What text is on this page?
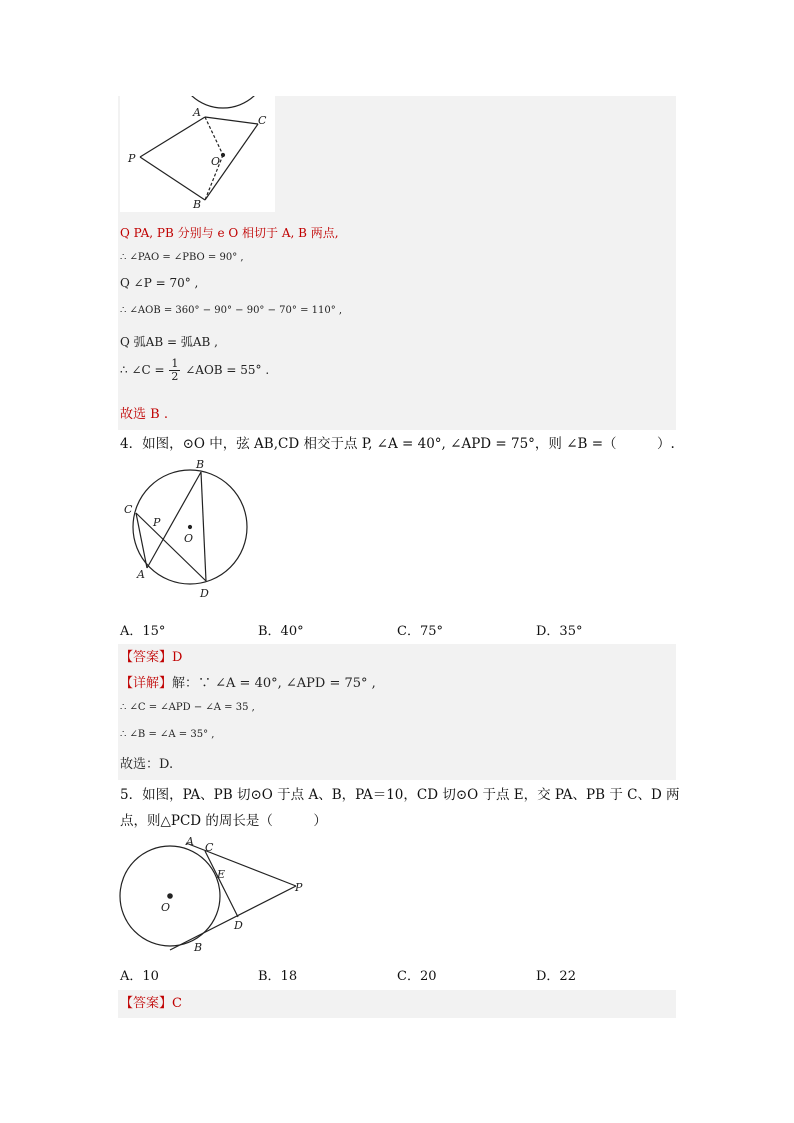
A
C
P	O
B
Q PA, PB 分别与 e O 相切于 A, B 两点,
∴ ∠PAO = ∠PBO = 90° ,
Q ∠P = 70° ,
∴ ∠AOB = 360° − 90° − 90° − 70° = 110° ,
Q 弧AB = 弧AB ,
∴ ∠C = $\frac{1}{2}$ ∠AOB = 55° .
故选 B .
4．如图，⊙O 中，弦 AB,CD 相交于点 P, ∠A = 40°, ∠APD = 75°，则 ∠B =（　　　）.
B
C
P
O
A
D
A．15°	B．40°	C．75°	D．35°
【答案】D
【详解】解：∵ ∠A = 40°, ∠APD = 75° ,
∴ ∠C = ∠APD − ∠A = 35 ,
∴ ∠B = ∠A = 35° ,
故选：D.
5．如图，PA、PB 切⊙O 于点 A、B，PA＝10，CD 切⊙O 于点 E，交 PA、PB 于 C、D 两
点，则△PCD 的周长是（　　　）
A C
E
P
O
D
B
A．10	B．18	C．20	D．22
【答案】C
